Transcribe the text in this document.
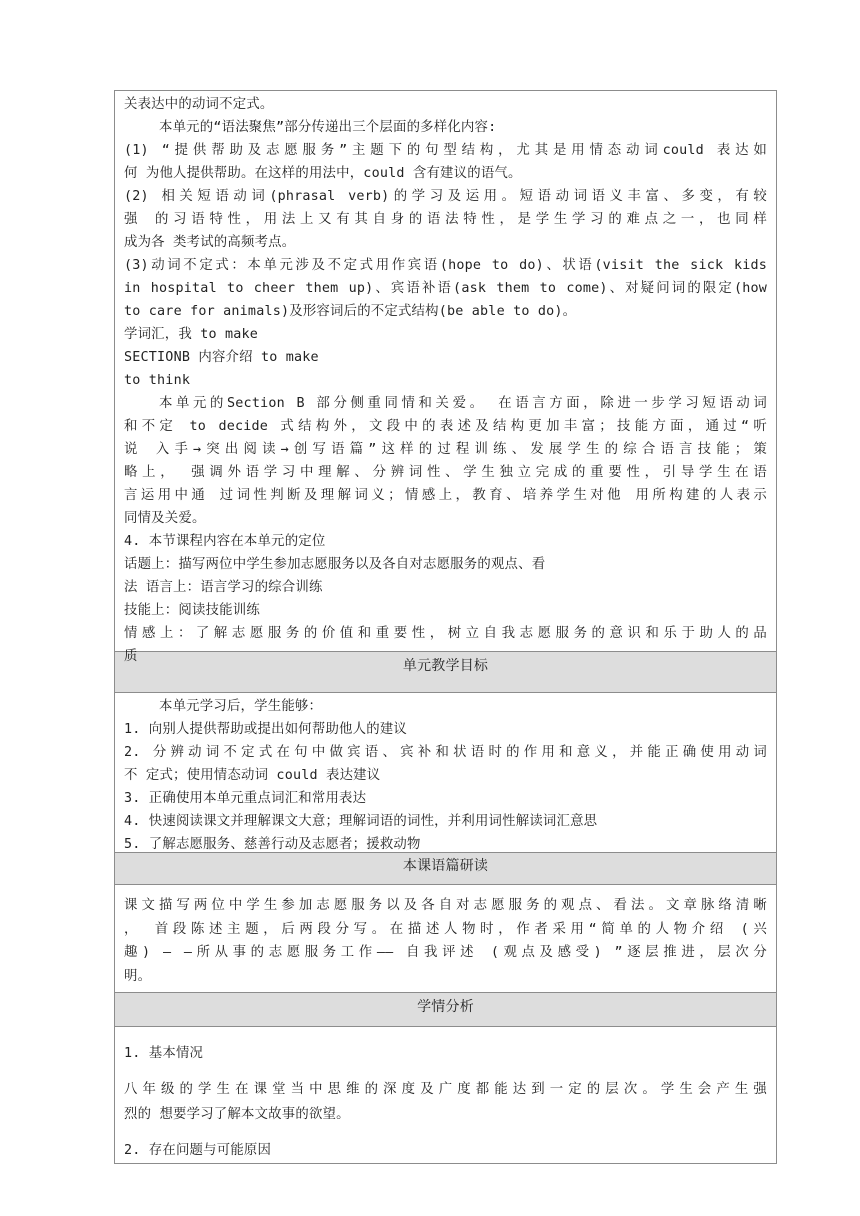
关表达中的动词不定式。
本单元的“语法聚焦”部分传递出三个层面的多样化内容:
(1) “提供帮助及志愿服务”主题下的句型结构，尤其是用情态动词could 表达如
何 为他人提供帮助。在这样的用法中，could 含有建议的语气。
(2) 相关短语动词(phrasal verb)的学习及运用。短语动词语义丰富、多变，有较
强 的习语特性，用法上又有其自身的语法特性，是学生学习的难点之一，也同样
成为各 类考试的高频考点。
(3)动词不定式：本单元涉及不定式用作宾语(hope to do)、状语(visit the sick kids
in hospital to cheer them up)、宾语补语(ask them to come)、对疑问词的限定(how
to care for animals)及形容词后的不定式结构(be able to do)。
学词汇，我 to make
SECTIONB 内容介绍 to make
to think
本单元的Section B 部分侧重同情和关爱。 在语言方面，除进一步学习短语动词
和不定 to decide 式结构外，文段中的表述及结构更加丰富；技能方面，通过“听
说 入手→突出阅读→创写语篇”这样的过程训练、发展学生的综合语言技能；策
略上， 强调外语学习中理解、分辨词性、学生独立完成的重要性，引导学生在语
言运用中通 过词性判断及理解词义；情感上，教育、培养学生对他 用所构建的人表示
同情及关爱。
4. 本节课程内容在本单元的定位
话题上：描写两位中学生参加志愿服务以及各自对志愿服务的观点、看
法 语言上：语言学习的综合训练
技能上：阅读技能训练
情感上：了解志愿服务的价值和重要性，树立自我志愿服务的意识和乐于助人的品
质
单元教学目标
本单元学习后，学生能够：
1. 向别人提供帮助或提出如何帮助他人的建议
2. 分辨动词不定式在句中做宾语、宾补和状语时的作用和意义，并能正确使用动词
不 定式；使用情态动词 could 表达建议
3. 正确使用本单元重点词汇和常用表达
4. 快速阅读课文并理解课文大意；理解词语的词性，并利用词性解读词汇意思
5. 了解志愿服务、慈善行动及志愿者；援救动物
本课语篇研读
课文描写两位中学生参加志愿服务以及各自对志愿服务的观点、看法。文章脉络清晰
， 首段陈述主题，后两段分写。在描述人物时，作者采用“简单的人物介绍 (兴
趣) — —所从事的志愿服务工作—— 自我评述 (观点及感受) ”逐层推进，层次分
明。
学情分析
1. 基本情况
八年级的学生在课堂当中思维的深度及广度都能达到一定的层次。学生会产生强
烈的 想要学习了解本文故事的欲望。
2. 存在问题与可能原因
